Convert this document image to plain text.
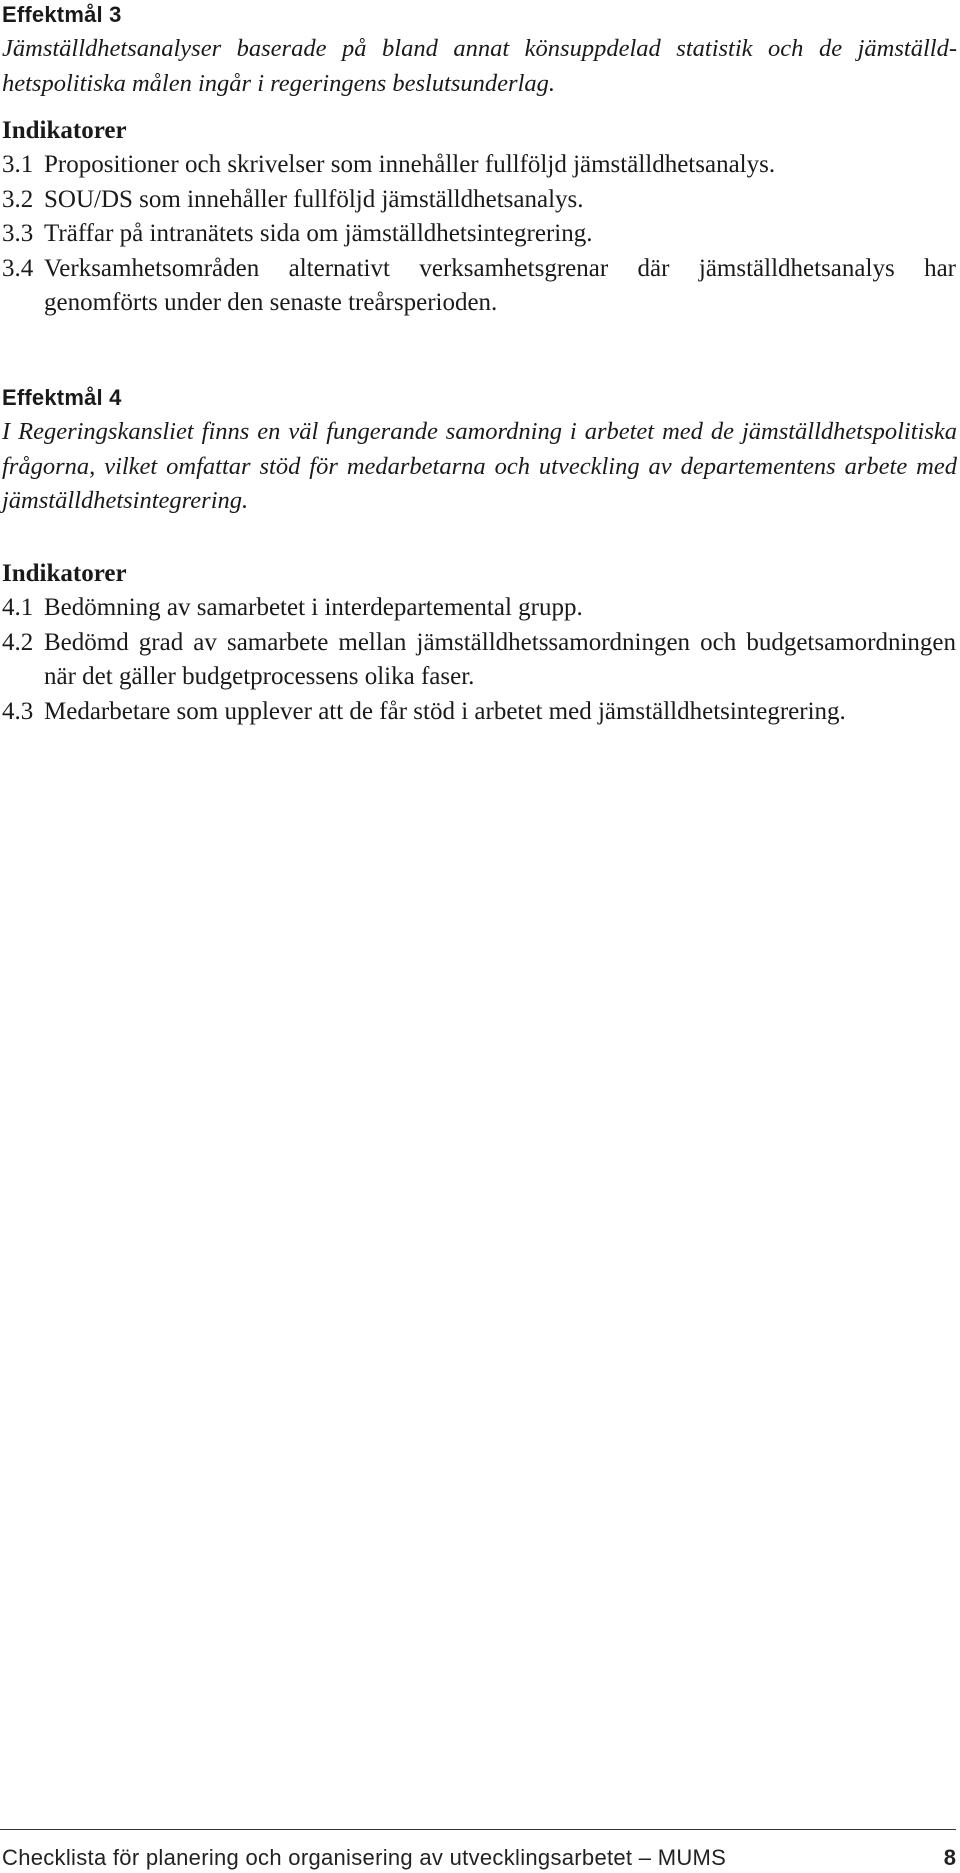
Effektmål 3

Jämställdhetsanalyser baserade på bland annat könsuppdelad statistik och de jämställdhetspolitiska målen ingår i regeringens beslutsunderlag.

Indikatorer
3.1 Propositioner och skrivelser som innehåller fullföljd jämställdhetsanalys.
3.2 SOU/DS som innehåller fullföljd jämställdhetsanalys.
3.3 Träffar på intranätets sida om jämställdhetsintegrering.
3.4 Verksamhetsområden alternativt verksamhetsgrenar där jämställdhetsanalys har genomförts under den senaste treårsperioden.
Effektmål 4

I Regeringskansliet finns en väl fungerande samordning i arbetet med de jämställdhetspolitiska frågorna, vilket omfattar stöd för medarbetarna och utveckling av departementens arbete med jämställdhetsintegrering.

Indikatorer
4.1 Bedömning av samarbetet i interdepartemental grupp.
4.2 Bedömd grad av samarbete mellan jämställdhetssamordningen och budgetsamordningen när det gäller budgetprocessens olika faser.
4.3 Medarbetare som upplever att de får stöd i arbetet med jämställdhetsintegrering.
Checklista för planering och organisering av utvecklingsarbetet – MUMS	8
